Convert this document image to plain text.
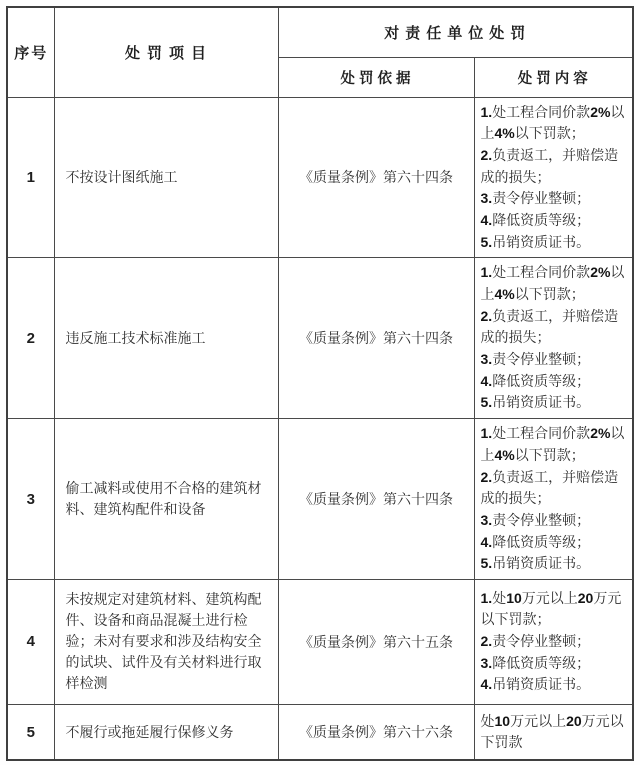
序号	处罚项目	对责任单位处罚	
		处罚依据	处罚内容
1	不按设计图纸施工	《质量条例》第六十四条	1.处工程合同价款2%以上4%以下罚款；
2.负责返工，并赔偿造成的损失；
3.责令停业整顿；
4.降低资质等级；
5.吊销资质证书。

2	违反施工技术标准施工	《质量条例》第六十四条	1.处工程合同价款2%以上4%以下罚款；
2.负责返工，并赔偿造成的损失；
3.责令停业整顿；
4.降低资质等级；
5.吊销资质证书。

3	偷工减料或使用不合格的建筑材料、建筑构配件和设备	《质量条例》第六十四条	1.处工程合同价款2%以上4%以下罚款；
2.负责返工，并赔偿造成的损失；
3.责令停业整顿；
4.降低资质等级；
5.吊销资质证书。

4	未按规定对建筑材料、建筑构配件、设备和商品混凝土进行检验；未对有要求和涉及结构安全的试块、试件及有关材料进行取样检测	《质量条例》第六十五条	1.处10万元以上20万元以下罚款；
2.责令停业整顿；
3.降低资质等级；
4.吊销资质证书。

5	不履行或拖延履行保修义务	《质量条例》第六十六条	处10万元以上20万元以下罚款
